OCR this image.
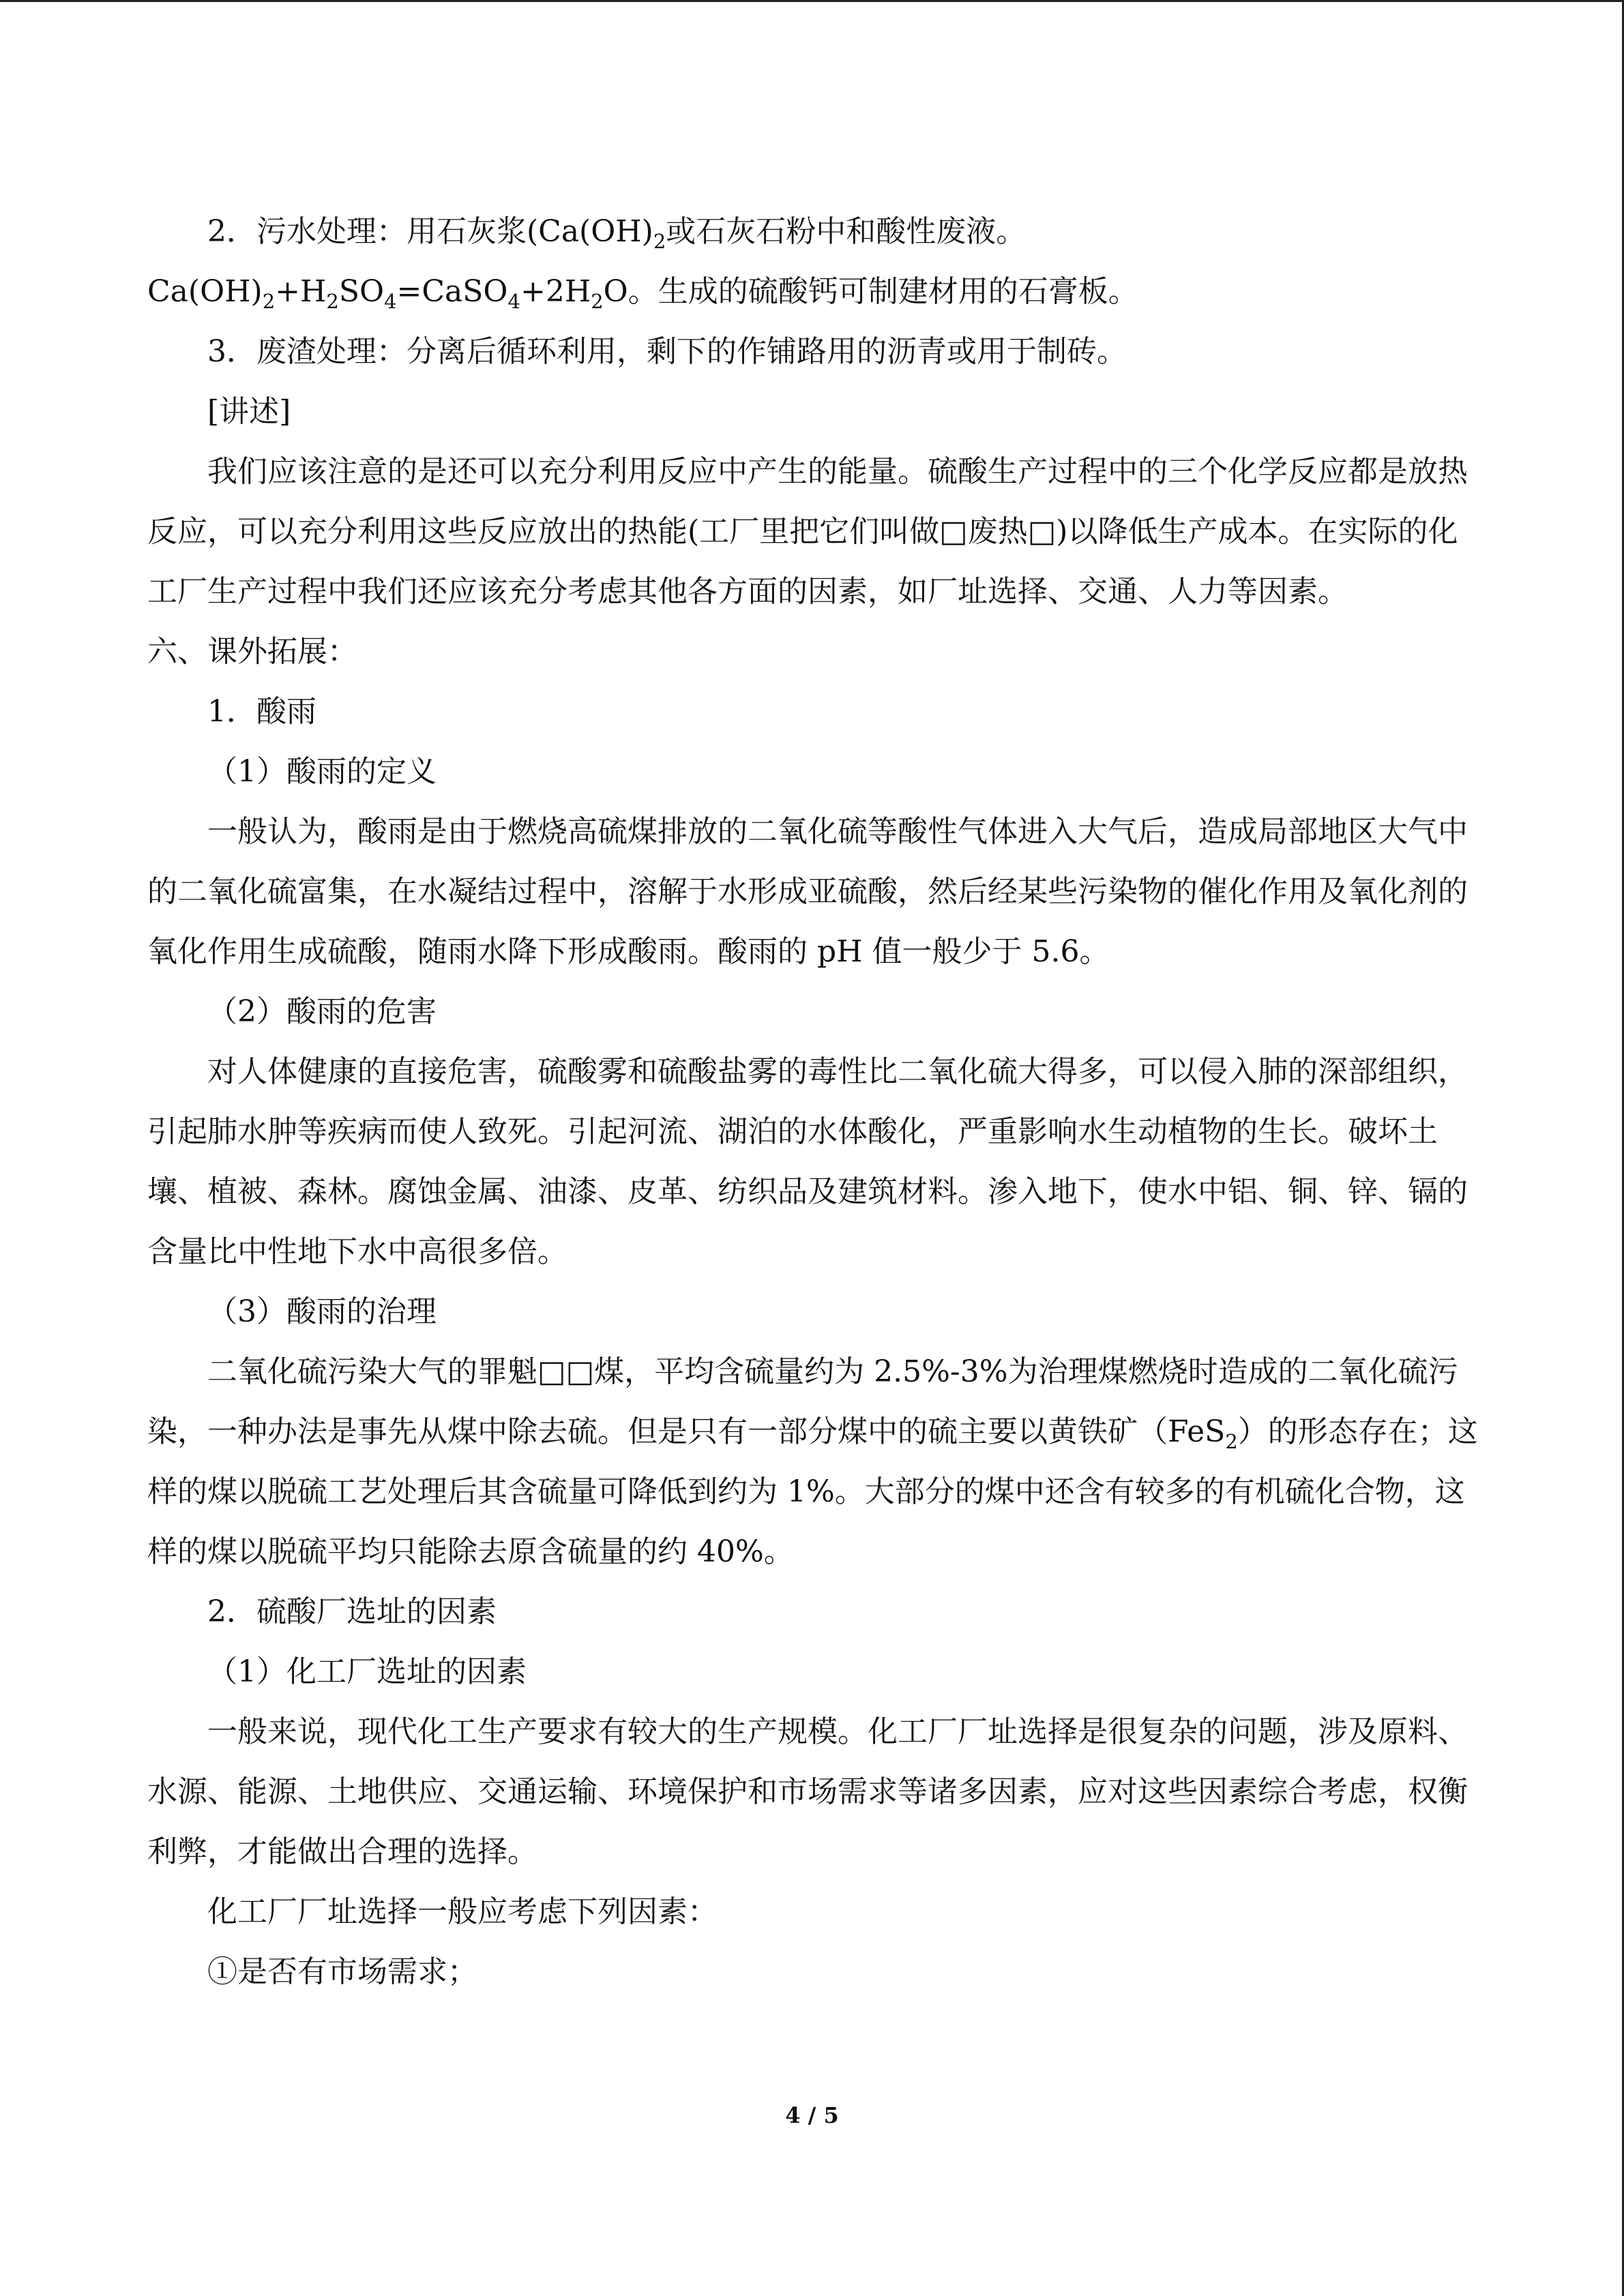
2．污水处理：用石灰浆($Ca(OH)_2$或石灰石粉中和酸性废液。

$Ca(OH)_2+H_2SO_4=CaSO_4+2H_2O$。生成的硫酸钙可制建材用的石膏板。

3．废渣处理：分离后循环利用，剩下的作铺路用的沥青或用于制砖。

[讲述]

我们应该注意的是还可以充分利用反应中产生的能量。硫酸生产过程中的三个化学反应都是放热反应，可以充分利用这些反应放出的热能(工厂里把它们叫做□废热□)以降低生产成本。在实际的化工厂生产过程中我们还应该充分考虑其他各方面的因素，如厂址选择、交通、人力等因素。

六、课外拓展：

1．酸雨

（1）酸雨的定义

一般认为，酸雨是由于燃烧高硫煤排放的二氧化硫等酸性气体进入大气后，造成局部地区大气中的二氧化硫富集，在水凝结过程中，溶解于水形成亚硫酸，然后经某些污染物的催化作用及氧化剂的氧化作用生成硫酸，随雨水降下形成酸雨。酸雨的 pH 值一般少于 5.6。

（2）酸雨的危害

对人体健康的直接危害，硫酸雾和硫酸盐雾的毒性比二氧化硫大得多，可以侵入肺的深部组织，引起肺水肿等疾病而使人致死。引起河流、湖泊的水体酸化，严重影响水生动植物的生长。破坏土壤、植被、森林。腐蚀金属、油漆、皮革、纺织品及建筑材料。渗入地下，使水中铝、铜、锌、镉的含量比中性地下水中高很多倍。

（3）酸雨的治理

二氧化硫污染大气的罪魁□□煤，平均含硫量约为 2.5%-3%为治理煤燃烧时造成的二氧化硫污染，一种办法是事先从煤中除去硫。但是只有一部分煤中的硫主要以黄铁矿（FeS$_2$）的形态存在；这样的煤以脱硫工艺处理后其含硫量可降低到约为 1%。大部分的煤中还含有较多的有机硫化合物，这样的煤以脱硫平均只能除去原含硫量的约 40%。

2．硫酸厂选址的因素

（1）化工厂选址的因素

一般来说，现代化工生产要求有较大的生产规模。化工厂厂址选择是很复杂的问题，涉及原料、水源、能源、土地供应、交通运输、环境保护和市场需求等诸多因素，应对这些因素综合考虑，权衡利弊，才能做出合理的选择。

化工厂厂址选择一般应考虑下列因素：

①是否有市场需求；

4 / 5
